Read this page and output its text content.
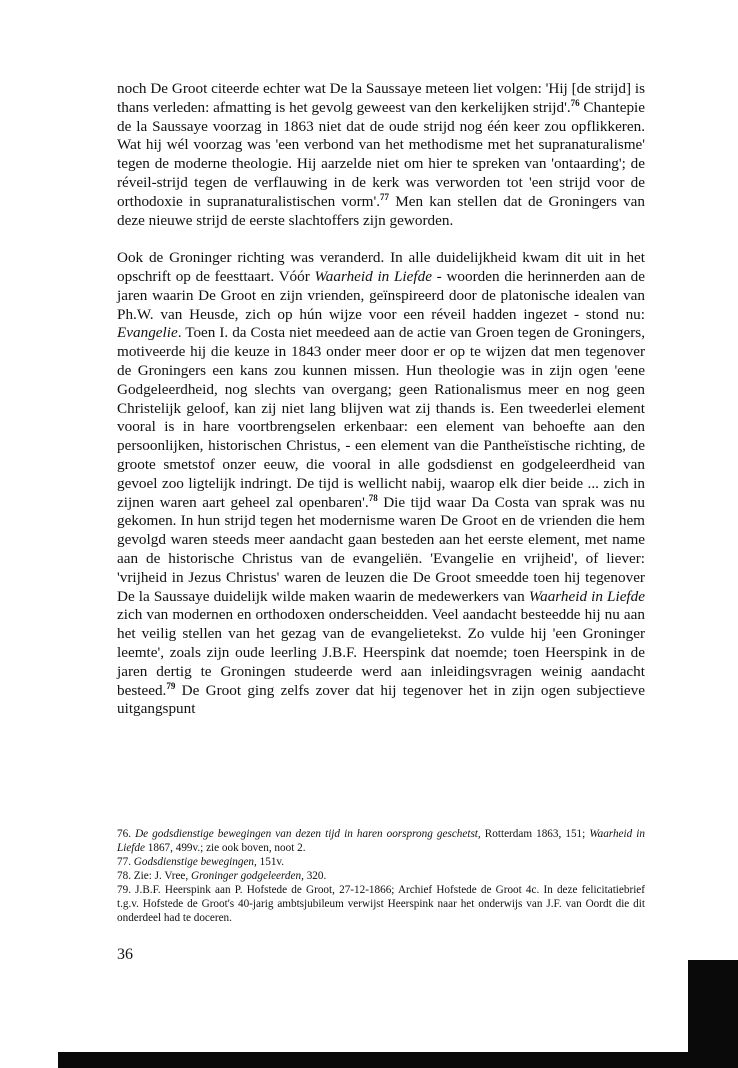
noch De Groot citeerde echter wat De la Saussaye meteen liet volgen: 'Hij [de strijd] is thans verleden: afmatting is het gevolg geweest van den kerkelijken strijd'.$^{76}$ Chantepie de la Saussaye voorzag in 1863 niet dat de oude strijd nog één keer zou opflikkeren. Wat hij wél voorzag was 'een verbond van het methodisme met het supranaturalisme' tegen de moderne theologie. Hij aarzelde niet om hier te spreken van 'ontaarding'; de réveil-strijd tegen de verflauwing in de kerk was verworden tot 'een strijd voor de orthodoxie in supranaturalistischen vorm'.$^{77}$ Men kan stellen dat de Groningers van deze nieuwe strijd de eerste slachtoffers zijn geworden.

Ook de Groninger richting was veranderd. In alle duidelijkheid kwam dit uit in het opschrift op de feesttaart. Vóór Waarheid in Liefde - woorden die herinnerden aan de jaren waarin De Groot en zijn vrienden, geïnspireerd door de platonische idealen van Ph.W. van Heusde, zich op hún wijze voor een réveil hadden ingezet - stond nu: Evangelie. Toen I. da Costa niet meedeed aan de actie van Groen tegen de Groningers, motiveerde hij die keuze in 1843 onder meer door er op te wijzen dat men tegenover de Groningers een kans zou kunnen missen. Hun theologie was in zijn ogen 'eene Godgeleerdheid, nog slechts van overgang; geen Rationalismus meer en nog geen Christelijk geloof, kan zij niet lang blijven wat zij thands is. Een tweederlei element vooral is in hare voortbrengselen erkenbaar: een element van behoefte aan den persoonlijken, historischen Christus, - een element van die Pantheïstische richting, de groote smetstof onzer eeuw, die vooral in alle godsdienst en godgeleerdheid van gevoel zoo ligtelijk indringt. De tijd is wellicht nabij, waarop elk dier beide ... zich in zijnen waren aart geheel zal openbaren'.$^{78}$ Die tijd waar Da Costa van sprak was nu gekomen. In hun strijd tegen het modernisme waren De Groot en de vrienden die hem gevolgd waren steeds meer aandacht gaan besteden aan het eerste element, met name aan de historische Christus van de evangeliën. 'Evangelie en vrijheid', of liever: 'vrijheid in Jezus Christus' waren de leuzen die De Groot smeedde toen hij tegenover De la Saussaye duidelijk wilde maken waarin de medewerkers van Waarheid in Liefde zich van modernen en orthodoxen onderscheidden. Veel aandacht besteedde hij nu aan het veilig stellen van het gezag van de evangelietekst. Zo vulde hij 'een Groninger leemte', zoals zijn oude leerling J.B.F. Heerspink dat noemde; toen Heerspink in de jaren dertig te Groningen studeerde werd aan inleidingsvragen weinig aandacht besteed.$^{79}$ De Groot ging zelfs zover dat hij tegenover het in zijn ogen subjectieve uitgangspunt

76. De godsdienstige bewegingen van dezen tijd in haren oorsprong geschetst, Rotterdam 1863, 151; Waarheid in Liefde 1867, 499v.; zie ook boven, noot 2.

77. Godsdienstige bewegingen, 151v.

78. Zie: J. Vree, Groninger godgeleerden, 320.

79. J.B.F. Heerspink aan P. Hofstede de Groot, 27-12-1866; Archief Hofstede de Groot 4c. In deze felicitatiebrief t.g.v. Hofstede de Groot's 40-jarig ambtsjubileum verwijst Heerspink naar het onderwijs van J.F. van Oordt die dit onderdeel had te doceren.

36
